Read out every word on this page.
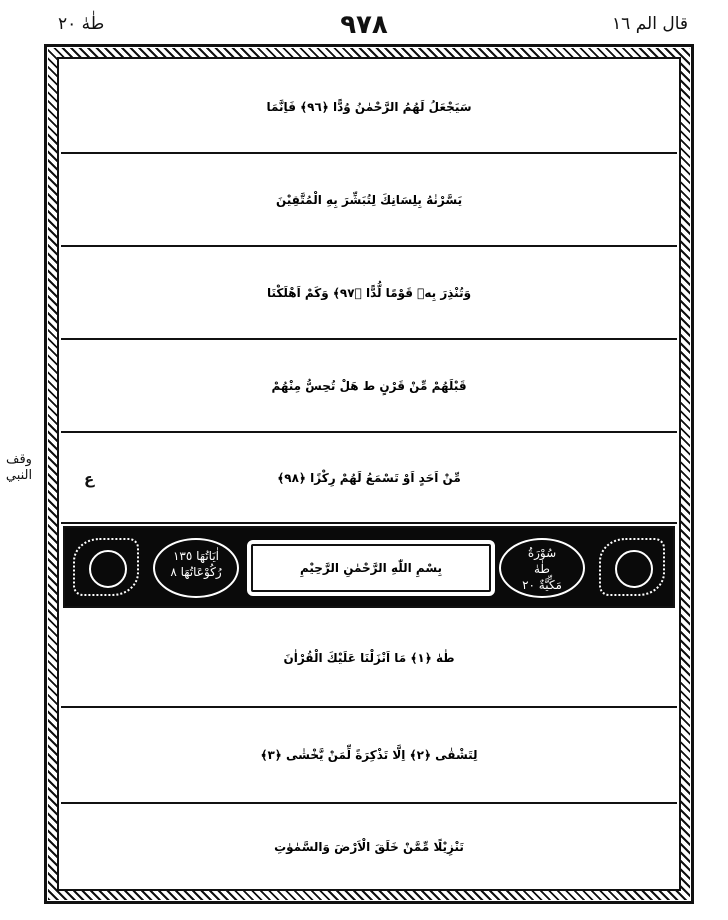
قال الم ١٦
٩٧٨
طٰهٰ ٢٠
سَيَجْعَلُ لَهُمُ الرَّحْمٰنُ وُدًّا ﴿٩٦﴾ فَاِنَّمَا
يَسَّرْنٰهُ بِلِسَانِكَ لِتُبَشِّرَ بِهِ الْمُتَّقِيْنَ
وَتُنْذِرَ بِهٖ قَوْمًا لُّدًّا ﴿٩٧﴾ وَكَمْ اَهْلَكْنَا
قَبْلَهُمْ مِّنْ قَرْنٍ ط هَلْ تُحِسُّ مِنْهُمْ
مِّنْ اَحَدٍ اَوْ تَسْمَعُ لَهُمْ رِكْزًا ﴿٩٨﴾
ع
اٰيَاتُهَا ١٣٥
رُكُوْعَاتُهَا ٨	بِسْمِ اللّٰهِ الرَّحْمٰنِ الرَّحِيْمِ
سُوْرَةُ
طٰهٰ
مَكِّيَّةٌ ٢٠
طٰهٰ ﴿١﴾ مَا اَنْزَلْنَا عَلَيْكَ الْقُرْاٰنَ
لِتَشْقٰى ﴿٢﴾ اِلَّا تَذْكِرَةً لِّمَنْ يَّخْشٰى ﴿٣﴾
تَنْزِيْلًا مِّمَّنْ خَلَقَ الْاَرْضَ وَالسَّمٰوٰتِ
وقف النبي
